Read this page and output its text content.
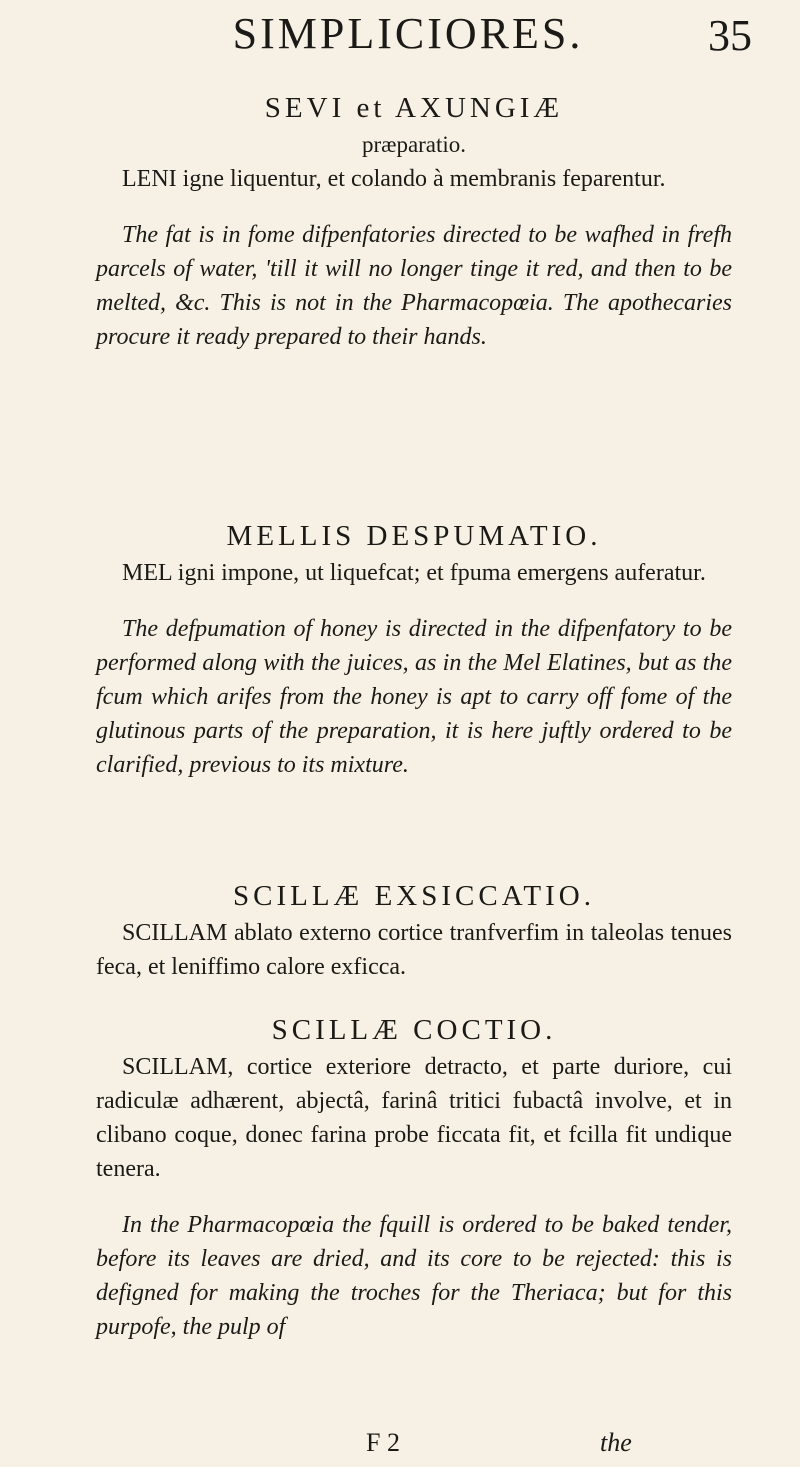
SIMPLICIORES.	35
SEVI et AXUNGIÆ
præparatio.

LENI igne liquentur, et colando à membranis feparentur.

The fat is in fome difpenfatories directed to be wafhed in frefh parcels of water, 'till it will no longer tinge it red, and then to be melted, &c. This is not in the Pharmacopœia. The apothecaries procure it ready prepared to their hands.

MELLIS DESPUMATIO.

MEL igni impone, ut liquefcat; et fpuma emergens auferatur.

The defpumation of honey is directed in the difpenfatory to be performed along with the juices, as in the Mel Elatines, but as the fcum which arifes from the honey is apt to carry off fome of the glutinous parts of the preparation, it is here juftly ordered to be clarified, previous to its mixture.

SCILLÆ EXSICCATIO.

SCILLAM ablato externo cortice tranfverfim in taleolas tenues feca, et leniffimo calore exficca.

SCILLÆ COCTIO.

SCILLAM, cortice exteriore detracto, et parte duriore, cui radiculæ adhærent, abjectâ, farinâ tritici fubactâ involve, et in clibano coque, donec farina probe ficcata fit, et fcilla fit undique tenera.

In the Pharmacopœia the fquill is ordered to be baked tender, before its leaves are dried, and its core to be rejected: this is defigned for making the troches for the Theriaca; but for this purpofe, the pulp of

F 2	the
